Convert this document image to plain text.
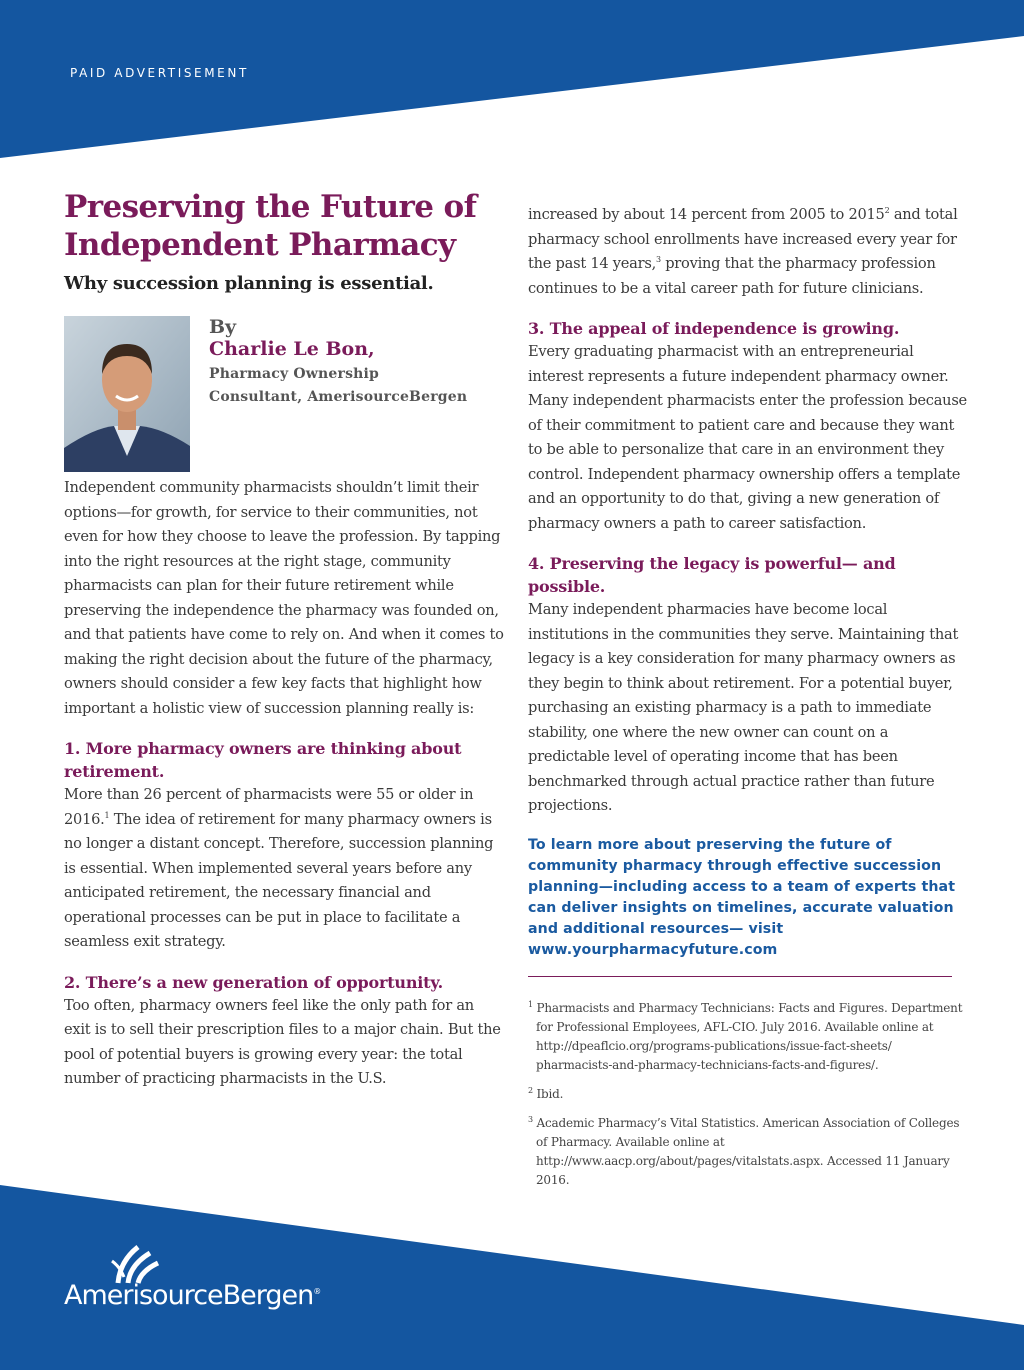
PAID ADVERTISEMENT
Preserving the Future of
Independent Pharmacy
Why succession planning is essential.
By
Charlie Le Bon,
Pharmacy Ownership
Consultant, AmerisourceBergen

Independent community pharmacists shouldn’t limit their options—for growth, for service to their communities, not even for how they choose to leave the profession. By tapping into the right resources at the right stage, community pharmacists can plan for their future retirement while preserving the independence the pharmacy was founded on, and that patients have come to rely on. And when it comes to making the right decision about the future of the pharmacy, owners should consider a few key facts that highlight how important a holistic view of succession planning really is:

1. More pharmacy owners are thinking about retirement.

More than 26 percent of pharmacists were 55 or older in 2016.$^1$ The idea of retirement for many pharmacy owners is no longer a distant concept. Therefore, succession planning is essential. When implemented several years before any anticipated retirement, the necessary financial and operational processes can be put in place to facilitate a seamless exit strategy.

2. There’s a new generation of opportunity.

Too often, pharmacy owners feel like the only path for an exit is to sell their prescription files to a major chain. But the pool of potential buyers is growing every year: the total number of practicing pharmacists in the U.S.

increased by about 14 percent from 2005 to 2015$^2$ and total pharmacy school enrollments have increased every year for the past 14 years,$^3$ proving that the pharmacy profession continues to be a vital career path for future clinicians.

3. The appeal of independence is growing.

Every graduating pharmacist with an entrepreneurial interest represents a future independent pharmacy owner. Many independent pharmacists enter the profession because of their commitment to patient care and because they want to be able to personalize that care in an environment they control. Independent pharmacy ownership offers a template and an opportunity to do that, giving a new generation of pharmacy owners a path to career satisfaction.

4. Preserving the legacy is powerful— and possible.

Many independent pharmacies have become local institutions in the communities they serve. Maintaining that legacy is a key consideration for many pharmacy owners as they begin to think about retirement. For a potential buyer, purchasing an existing pharmacy is a path to immediate stability, one where the new owner can count on a predictable level of operating income that has been benchmarked through actual practice rather than future projections.

To learn more about preserving the future of community pharmacy through effective succession planning—including access to a team of experts that can deliver insights on timelines, accurate valuation and additional resources— visit www.yourpharmacyfuture.com
$^1$ Pharmacists and Pharmacy Technicians: Facts and Figures. Department for Professional Employees, AFL-CIO. July 2016. Available online at http://dpeaflcio.org/programs-publications/issue-fact-sheets/ pharmacists-and-pharmacy-technicians-facts-and-figures/.
$^2$ Ibid.
$^3$ Academic Pharmacy’s Vital Statistics. American Association of Colleges of Pharmacy. Available online at http://www.aacp.org/about/pages/vitalstats.aspx. Accessed 11 January 2016.
AmerisourceBergen®
